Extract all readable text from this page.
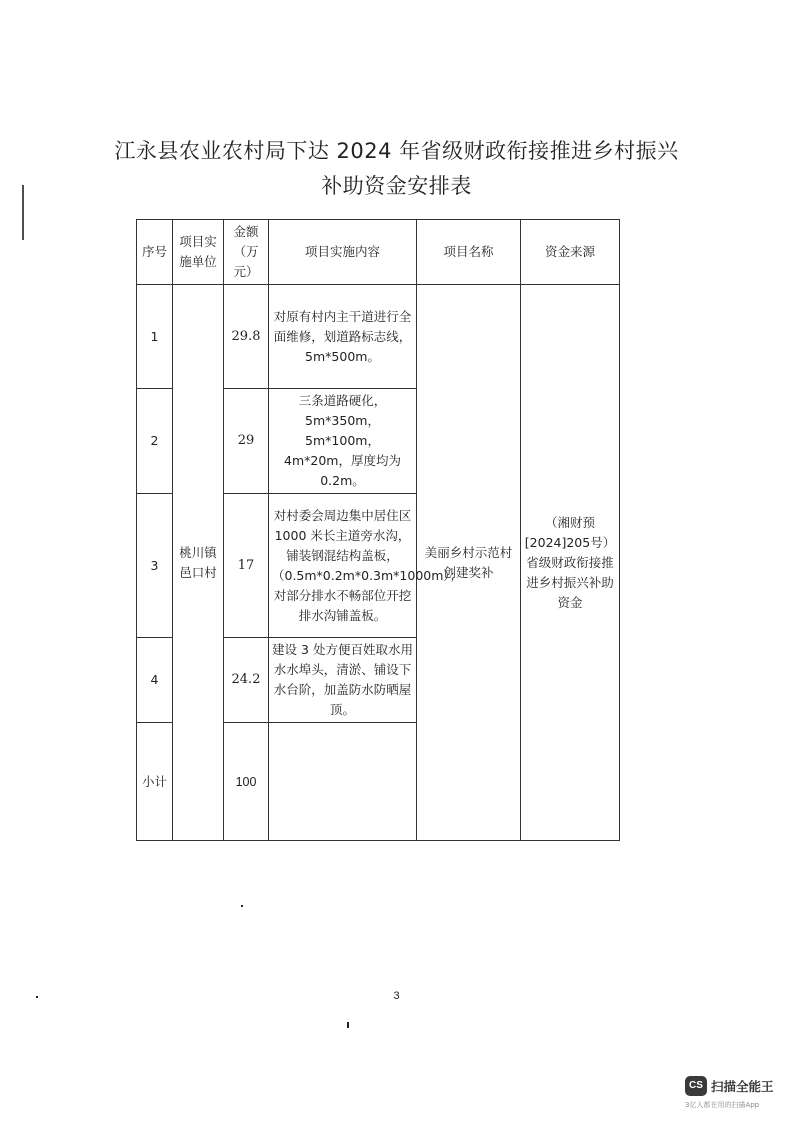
江永县农业农村局下达 2024 年省级财政衔接推进乡村振兴
补助资金安排表
序号	项目实施单位	金额（万元）	项目实施内容	项目名称	资金来源
1	桃川镇邑口村	29.8	对原有村内主干道进行全面维修，划道路标志线，5m*500m。	美丽乡村示范村创建奖补	（湘财预[2024]205号）省级财政衔接推进乡村振兴补助资金
2		29	三条道路硬化，5m*350m，5m*100m，4m*20m，厚度均为0.2m。		
3		17	对村委会周边集中居住区 1000 米长主道旁水沟，铺装钢混结构盖板，（0.5m*0.2m*0.3m*1000m）；对部分排水不畅部位开挖排水沟铺盖板。		
4		24.2	建设 3 处方便百姓取水用水水埠头，清淤、铺设下水台阶，加盖防水防晒屋顶。		
小计		100			
3
CS 扫描全能王
3亿人都在用的扫描App
